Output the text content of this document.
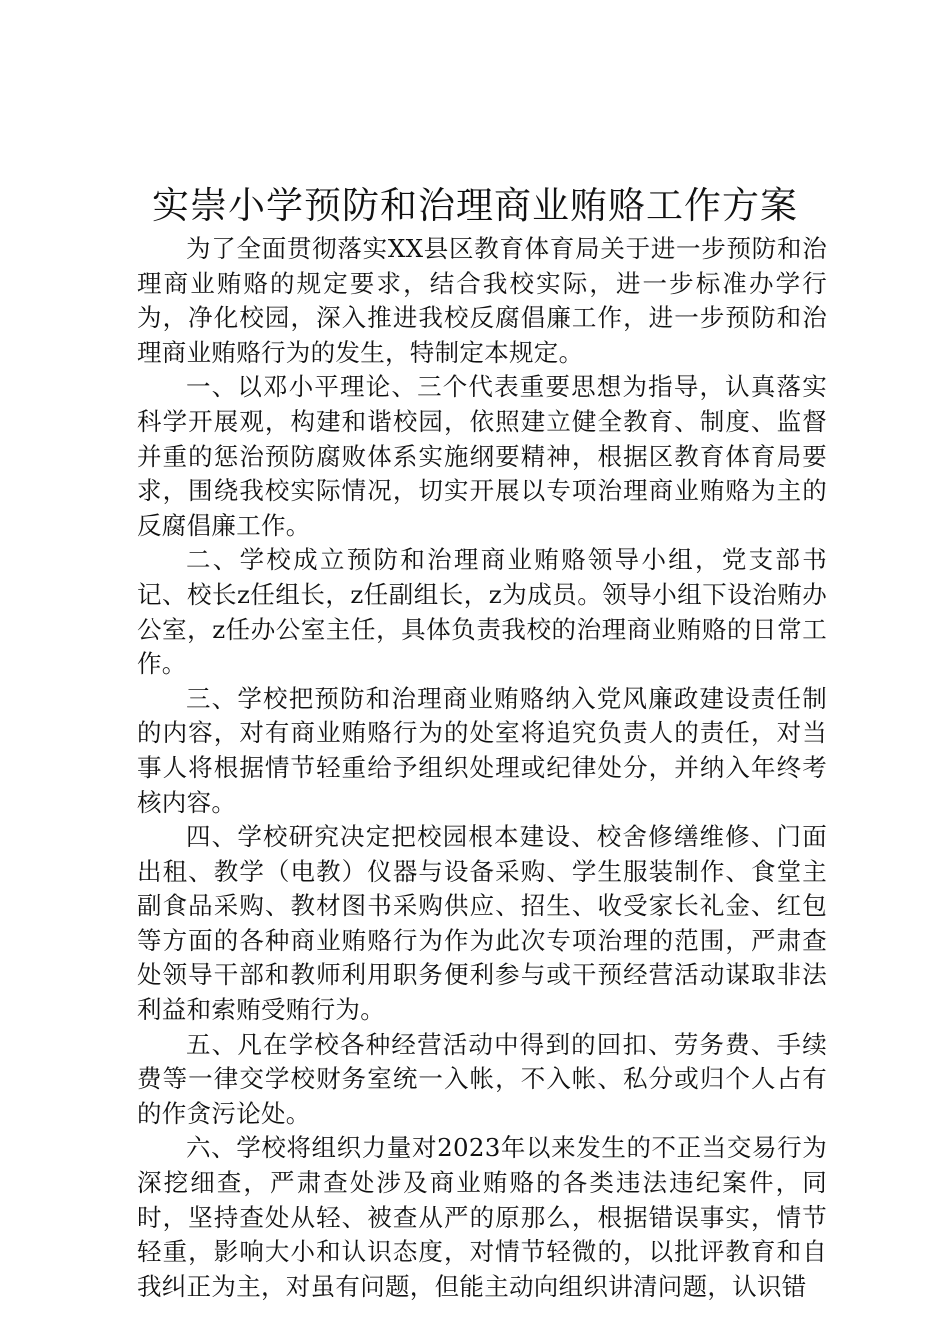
实崇小学预防和治理商业贿赂工作方案

为了全面贯彻落实XX县区教育体育局关于进一步预防和治理商业贿赂的规定要求，结合我校实际，进一步标准办学行为，净化校园，深入推进我校反腐倡廉工作，进一步预防和治理商业贿赂行为的发生，特制定本规定。

一、以邓小平理论、三个代表重要思想为指导，认真落实科学开展观，构建和谐校园，依照建立健全教育、制度、监督并重的惩治预防腐败体系实施纲要精神，根据区教育体育局要求，围绕我校实际情况，切实开展以专项治理商业贿赂为主的反腐倡廉工作。

二、学校成立预防和治理商业贿赂领导小组，党支部书记、校长z任组长，z任副组长，z为成员。领导小组下设治贿办公室，z任办公室主任，具体负责我校的治理商业贿赂的日常工作。

三、学校把预防和治理商业贿赂纳入党风廉政建设责任制的内容，对有商业贿赂行为的处室将追究负责人的责任，对当事人将根据情节轻重给予组织处理或纪律处分，并纳入年终考核内容。

四、学校研究决定把校园根本建设、校舍修缮维修、门面出租、教学（电教）仪器与设备采购、学生服装制作、食堂主副食品采购、教材图书采购供应、招生、收受家长礼金、红包等方面的各种商业贿赂行为作为此次专项治理的范围，严肃查处领导干部和教师利用职务便利参与或干预经营活动谋取非法利益和索贿受贿行为。

五、凡在学校各种经营活动中得到的回扣、劳务费、手续费等一律交学校财务室统一入帐，不入帐、私分或归个人占有的作贪污论处。

六、学校将组织力量对2023年以来发生的不正当交易行为深挖细查，严肃查处涉及商业贿赂的各类违法违纪案件，同时，坚持查处从轻、被查从严的原那么，根据错误事实，情节轻重，影响大小和认识态度，对情节轻微的，以批评教育和自我纠正为主，对虽有问题，但能主动向组织讲清问题，认识错
